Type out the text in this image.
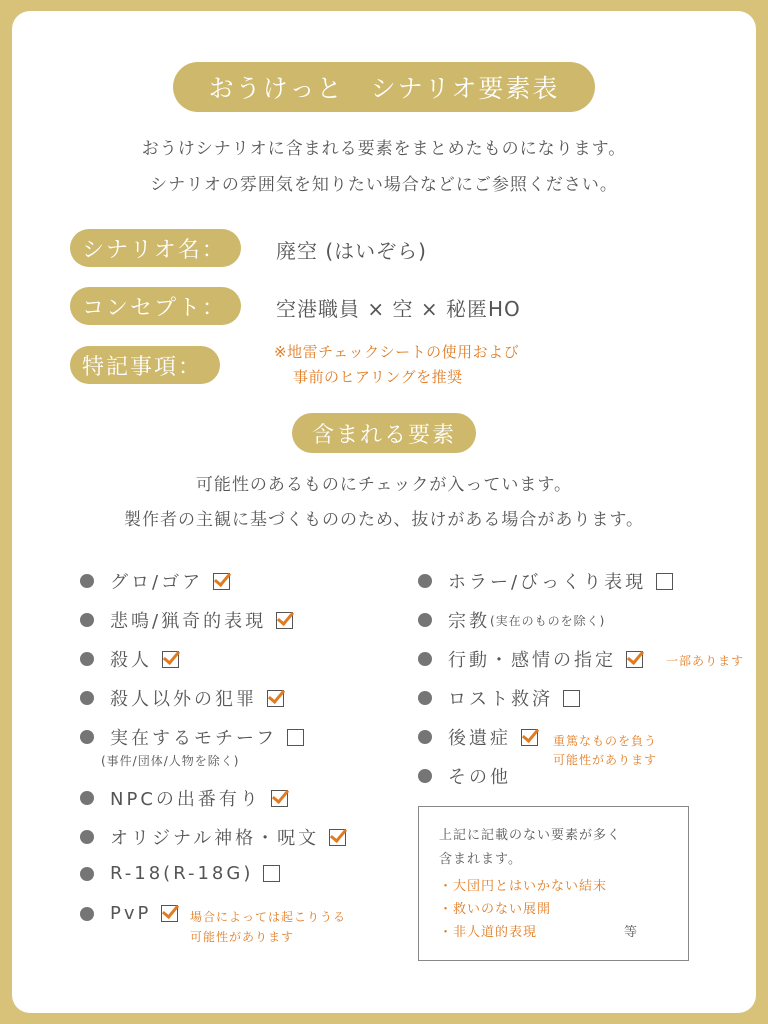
おうけっと　シナリオ要素表
おうけシナリオに含まれる要素をまとめたものになります。
シナリオの雰囲気を知りたい場合などにご参照ください。
シナリオ名：	廃空 (はいぞら)
コンセプト：	空港職員 × 空 × 秘匿HO
特記事項：
※地雷チェックシートの使用および
事前のヒアリングを推奨
含まれる要素
可能性のあるものにチェックが入っています。
製作者の主観に基づくもののため、抜けがある場合があります。
グロ/ゴア
悲鳴/猟奇的表現
殺人
殺人以外の犯罪
実在するモチーフ
(事件/団体/人物を除く)
NPCの出番有り
オリジナル神格・呪文
R-18(R-18G)
PvP	場合によっては起こりうる
可能性があります
ホラー/びっくり表現
宗教 (実在のものを除く)
行動・感情の指定	一部あります
ロスト救済
後遺症	重篤なものを負う
可能性があります
その他
上記に記載のない要素が多く
含まれます。
・大団円とはいかない結末
・救いのない展開
・非人道的表現	等
